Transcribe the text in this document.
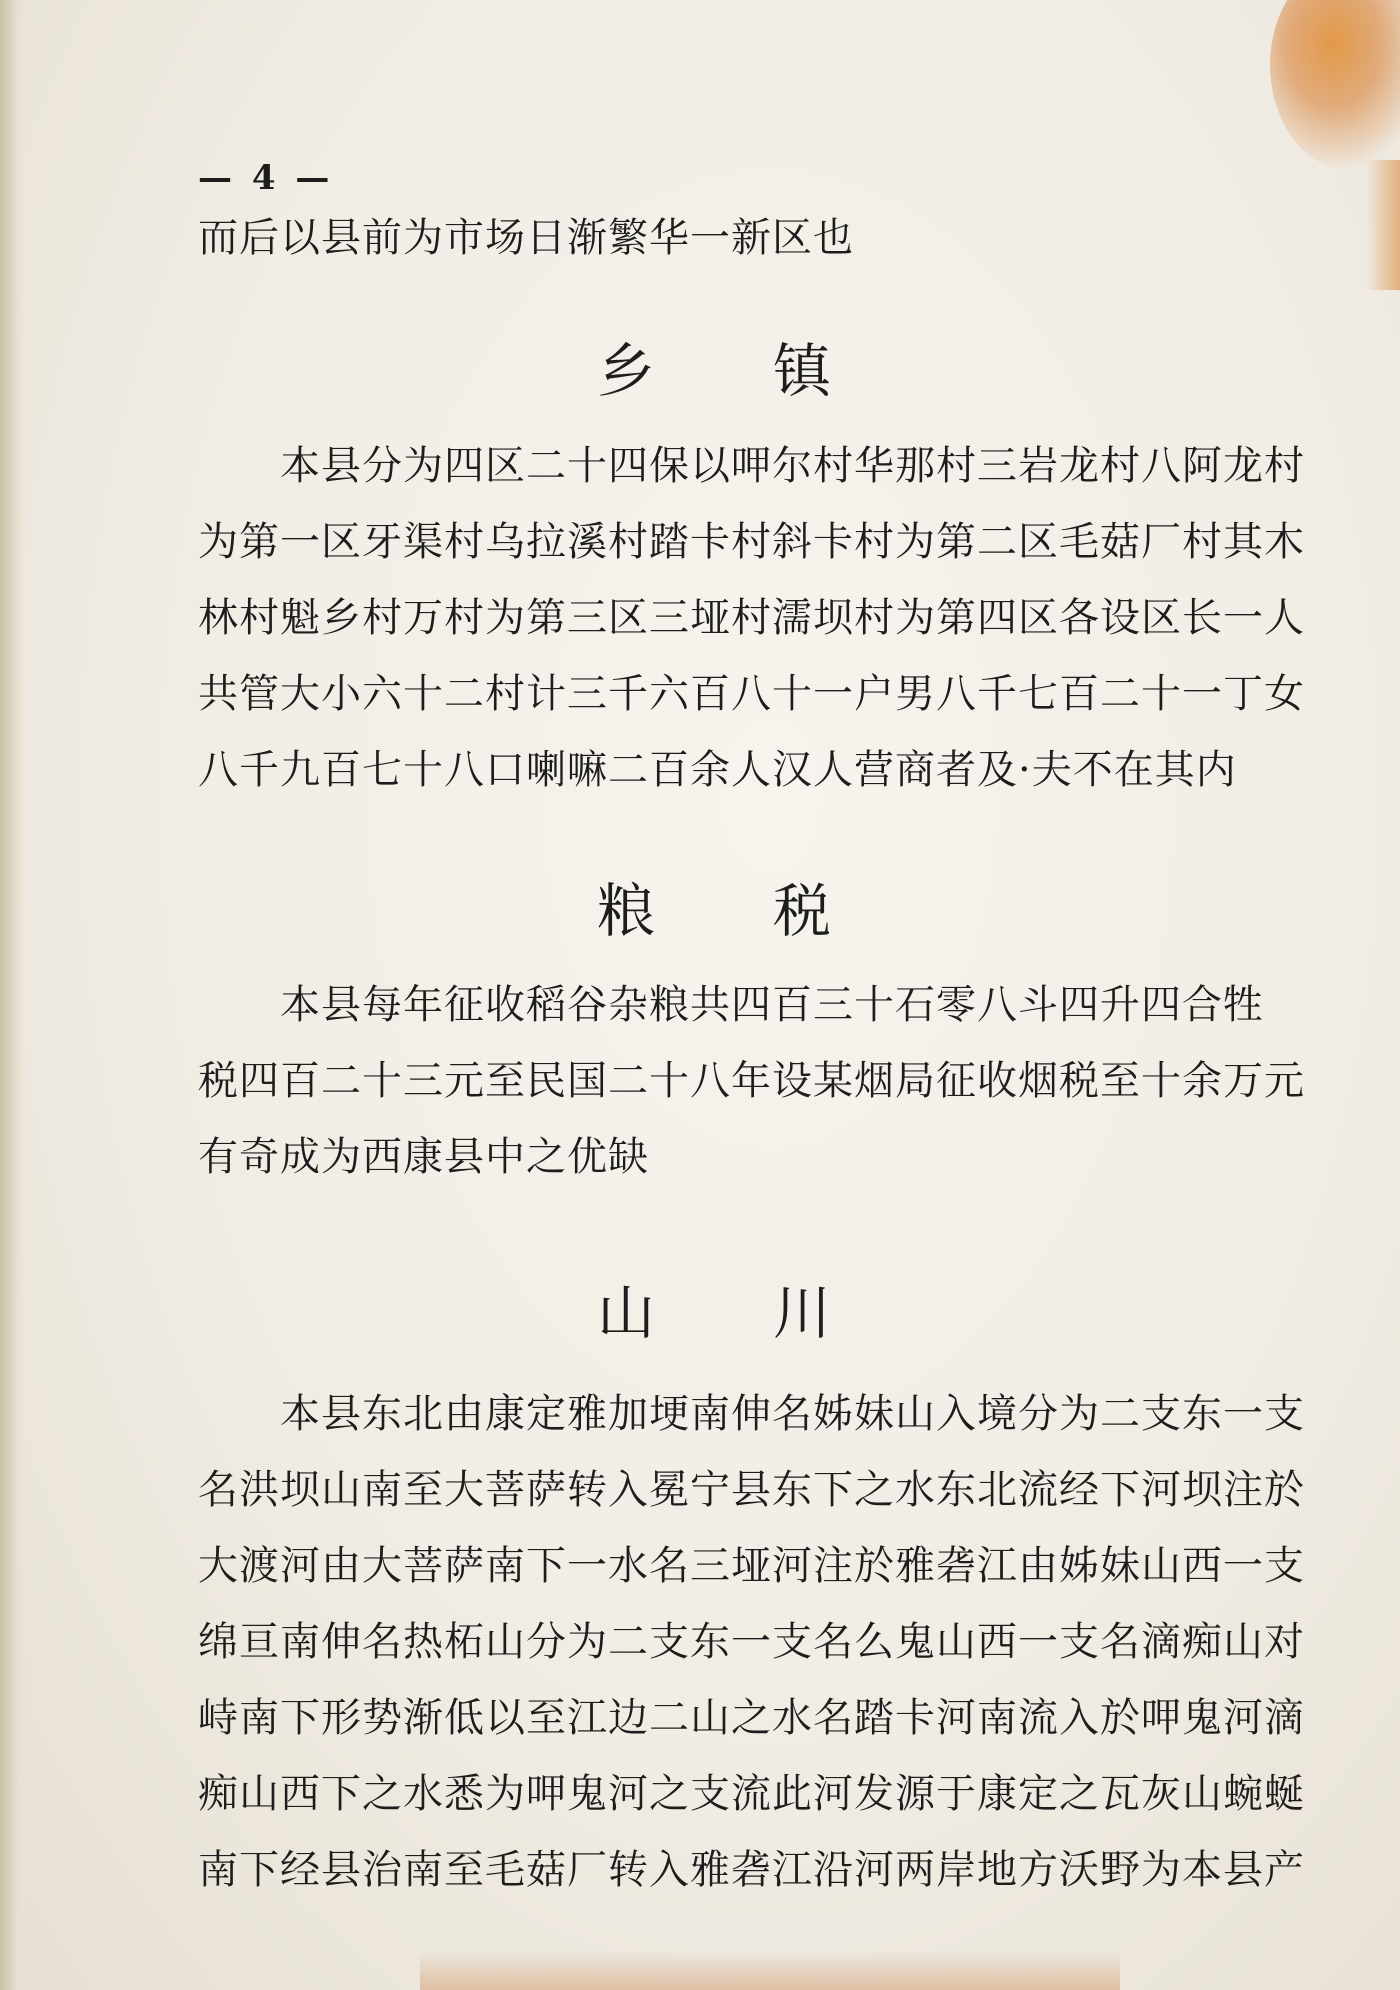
— 4 —
而后以县前为市场日渐繁华一新区也
乡 镇
本县分为四区二十四保以呷尔村华那村三岩龙村八阿龙村
为第一区牙渠村乌拉溪村踏卡村斜卡村为第二区毛菇厂村其木
林村魁乡村万村为第三区三垭村濡坝村为第四区各设区长一人
共管大小六十二村计三千六百八十一户男八千七百二十一丁女
八千九百七十八口喇嘛二百余人汉人营商者及·夫不在其内
粮 税
本县每年征收稻谷杂粮共四百三十石零八斗四升四合牲
税四百二十三元至民国二十八年设某烟局征收烟税至十余万元
有奇成为西康县中之优缺
山 川
本县东北由康定雅加埂南伸名姊妹山入境分为二支东一支
名洪坝山南至大菩萨转入冕宁县东下之水东北流经下河坝注於
大渡河由大菩萨南下一水名三垭河注於雅砻江由姊妹山西一支
绵亘南伸名热柘山分为二支东一支名么鬼山西一支名滴痴山对
峙南下形势渐低以至江边二山之水名踏卡河南流入於呷鬼河滴
痴山西下之水悉为呷鬼河之支流此河发源于康定之瓦灰山蜿蜒
南下经县治南至毛菇厂转入雅砻江沿河两岸地方沃野为本县产
